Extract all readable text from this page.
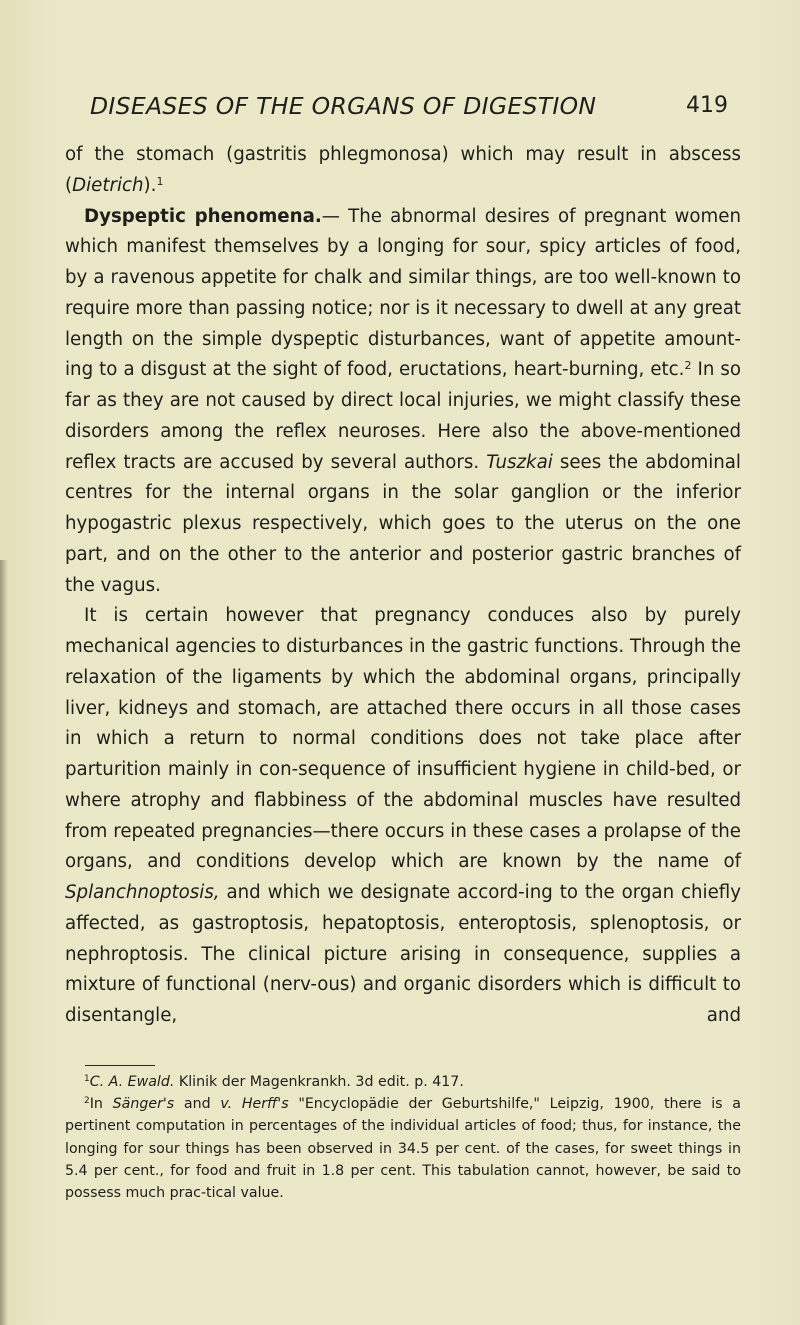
DISEASES OF THE ORGANS OF DIGESTION	419

of the stomach (gastritis phlegmonosa) which may result in abscess (Dietrich).$^1$

Dyspeptic phenomena.— The abnormal desires of pregnant women which manifest themselves by a longing for sour, spicy articles of food, by a ravenous appetite for chalk and similar things, are too well-known to require more than passing notice; nor is it necessary to dwell at any great length on the simple dyspeptic disturbances, want of appetite amount-ing to a disgust at the sight of food, eructations, heart-burning, etc.$^2$ In so far as they are not caused by direct local injuries, we might classify these disorders among the reflex neuroses. Here also the above-mentioned reflex tracts are accused by several authors. Tuszkai sees the abdominal centres for the internal organs in the solar ganglion or the inferior hypogastric plexus respectively, which goes to the uterus on the one part, and on the other to the anterior and posterior gastric branches of the vagus.

It is certain however that pregnancy conduces also by purely mechanical agencies to disturbances in the gastric functions. Through the relaxation of the ligaments by which the abdominal organs, principally liver, kidneys and stomach, are attached there occurs in all those cases in which a return to normal conditions does not take place after parturition mainly in con-sequence of insufficient hygiene in child-bed, or where atrophy and flabbiness of the abdominal muscles have resulted from repeated pregnancies—there occurs in these cases a prolapse of the organs, and conditions develop which are known by the name of Splanchnoptosis, and which we designate accord-ing to the organ chiefly affected, as gastroptosis, hepatoptosis, enteroptosis, splenoptosis, or nephroptosis. The clinical picture arising in consequence, supplies a mixture of functional (nerv-ous) and organic disorders which is difficult to disentangle, and

$^1$C. A. Ewald. Klinik der Magenkrankh. 3d edit. p. 417.

$^2$In Sänger's and v. Herff's "Encyclopädie der Geburtshilfe," Leipzig, 1900, there is a pertinent computation in percentages of the individual articles of food; thus, for instance, the longing for sour things has been observed in 34.5 per cent. of the cases, for sweet things in 5.4 per cent., for food and fruit in 1.8 per cent. This tabulation cannot, however, be said to possess much prac-tical value.
